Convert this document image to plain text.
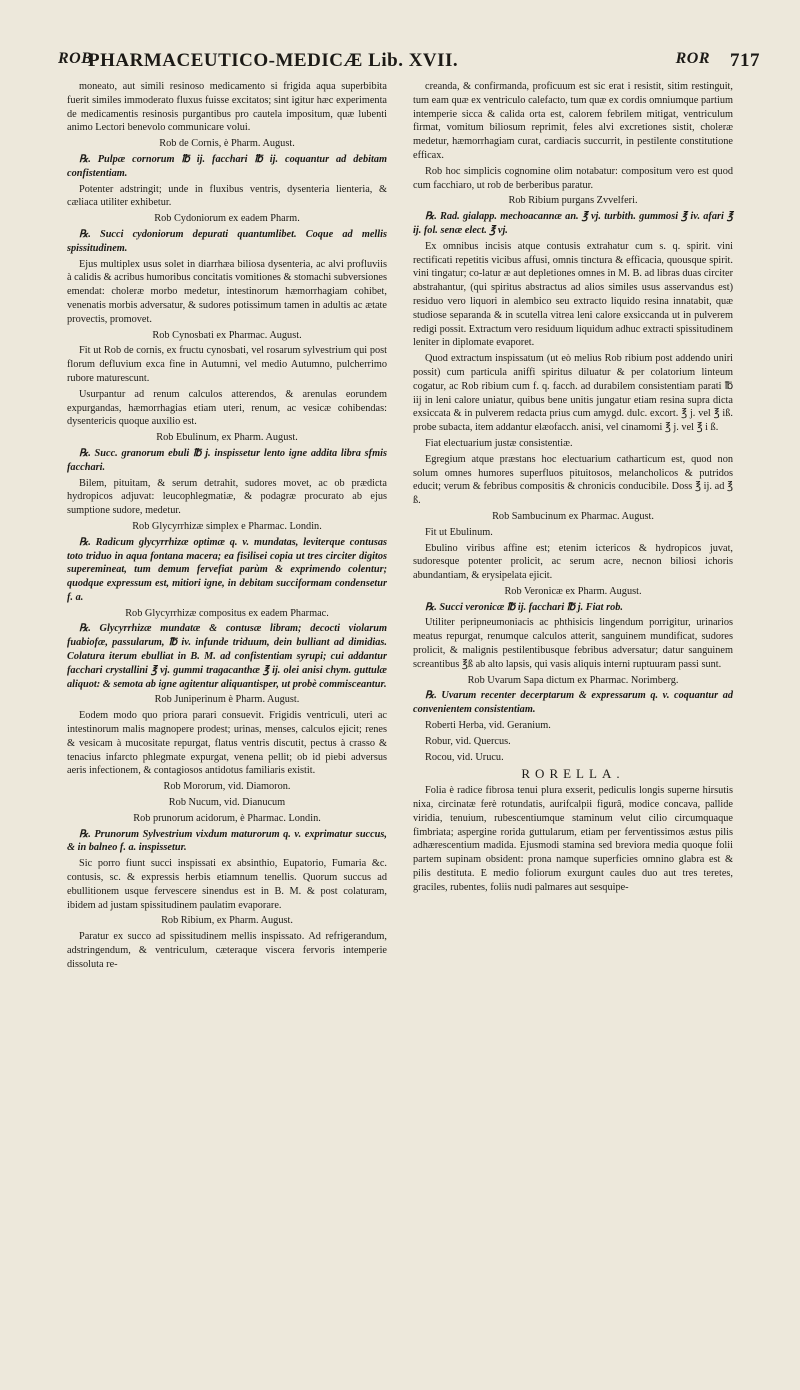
ROB
PHARMACEUTICO-MEDICÆ Lib. XVII.	ROR 717

moneato, aut simili resinoso medicamento si frigida aqua superbibita fuerit similes immoderato fluxus fuisse excitatos; sint igitur hæc experimenta de medicamentis resinosis purgantibus pro cautela impositum, quæ lubenti animo Lectori benevolo communicare volui.

Rob de Cornis, è Pharm. August.

℞. Pulpæ cornorum ℔ ij. facchari ℔ ij. coquantur ad debitam confistentiam.

Potenter adstringit; unde in fluxibus ventris, dysenteria lienteria, & cæliaca utiliter exhibetur.

Rob Cydoniorum ex eadem Pharm.

℞. Succi cydoniorum depurati quantumlibet. Coque ad mellis spissitudinem.

Ejus multiplex usus solet in diarrhæa biliosa dysenteria, ac alvi profluviis à calidis & acribus humoribus concitatis vomitiones & stomachi subversiones emendat: choleræ morbo medetur, intestinorum hæmorrhagiam cohibet, venenatis morbis adversatur, & sudores potissimum tamen in adultis ac ætate provectis, promovet.

Rob Cynosbati ex Pharmac. August.

Fit ut Rob de cornis, ex fructu cynosbati, vel rosarum sylvestrium qui post florum defluvium exca fine in Autumni, vel medio Autumno, pulcherrimo rubore maturescunt.

Usurpantur ad renum calculos atterendos, & arenulas eorundem expurgandas, hæmorrhagias etiam uteri, renum, ac vesicæ cohibendas: dysentericis quoque auxilio est.

Rob Ebulinum, ex Pharm. August.

℞. Succ. granorum ebuli ℔ j. inspissetur lento igne addita libra sfmis facchari.

Bilem, pituitam, & serum detrahit, sudores movet, ac ob prædicta hydropicos adjuvat: leucophlegmatiæ, & podagræ procurato ab ejus sumptione sudore, medetur.

Rob Glycyrrhizæ simplex e Pharmac. Londin.

℞. Radicum glycyrrhizæ optimæ q. v. mundatas, leviterque contusas toto triduo in aqua fontana macera; ea fisilisei copia ut tres circiter digitos superemineat, tum demum fervefiat parùm & exprimendo colentur; quodque expressum est, mitiori igne, in debitam succiformam condensetur f. a.

Rob Glycyrrhizæ compositus ex eadem Pharmac.

℞. Glycyrrhizæ mundatæ & contusæ libram; decocti violarum fuabiofæ, passularum, ℔ iv. infunde triduum, dein bulliant ad dimidias. Colatura iterum ebulliat in B. M. ad confistentiam syrupi; cui addantur facchari crystallini ℥ vj. gummi tragacanthæ ℥ ij. olei anisi chym. guttulæ aliquot: & semota ab igne agitentur aliquantisper, ut probè commisceantur.

Rob Juniperinum è Pharm. August.

Eodem modo quo priora parari consuevit. Frigidis ventriculi, uteri ac intestinorum malis magnopere prodest; urinas, menses, calculos ejicit; renes & vesicam à mucositate repurgat, flatus ventris discutit, pectus à crasso & tenacius infarcto phlegmate expurgat, venena pellit; ob id piebi adversus aeris infectionem, & contagiosos antidotus familiaris existit.

Rob Mororum, vid. Diamoron.

Rob Nucum, vid. Dianucum

Rob prunorum acidorum, è Pharmac. Londin.

℞. Prunorum Sylvestrium vixdum maturorum q. v. exprimatur succus, & in balneo f. a. inspissetur.

Sic porro fiunt succi inspissati ex absinthio, Eupatorio, Fumaria &c. contusis, sc. & expressis herbis etiamnum tenellis. Quorum succus ad ebullitionem usque fervescere sinendus est in B. M. & post colaturam, ibidem ad justam spissitudinem paulatim evaporare.

Rob Ribium, ex Pharm. August.

Paratur ex succo ad spissitudinem mellis inspissato. Ad refrigerandum, adstringendum, & ventriculum, cæteraque viscera fervoris intemperie dissoluta re-

creanda, & confirmanda, proficuum est sic erat i resistit, sitim restinguit, tum eam quæ ex ventriculo calefacto, tum quæ ex cordis omniumque partium intemperie sicca & calida orta est, calorem febrilem mitigat, ventriculum firmat, vomitum biliosum reprimit, feles alvi excretiones sistit, choleræ medetur, hæmorrhagiam curat, cardiacis succurrit, in pestilente constitutione efficax.

Rob hoc simplicis cognomine olim notabatur: compositum vero est quod cum facchiaro, ut rob de berberibus paratur.

Rob Ribium purgans Zvvelferi.

℞. Rad. gialapp. mechoacannæ an. ℥ vj. turbith. gummosi ℥ iv. afari ℥ ij. fol. senæ elect. ℥ vj.

Ex omnibus incisis atque contusis extrahatur cum s. q. spirit. vini rectificati repetitis vicibus affusi, omnis tinctura & efficacia, quousque spirit. vini tingatur; co-latur æ aut depletiones omnes in M. B. ad libras duas circiter abstrahantur, (qui spiritus abstractus ad alios similes usus asservandus est) residuo vero liquori in alembico seu extracto liquido resina innatabit, quæ studiose separanda & in scutella vitrea leni calore exsiccanda ut in pulverem redigi possit. Extractum vero residuum liquidum adhuc extracti spissitudinem leniter in diplomate evaporet.

Quod extractum inspissatum (ut eò melius Rob ribium post addendo uniri possit) cum particula aniffi spiritus diluatur & per colatorium linteum cogatur, ac Rob ribium cum f. q. facch. ad durabilem consistentiam parati ℔ iij in leni calore uniatur, quibus bene unitis jungatur etiam resina supra dicta exsiccata & in pulverem redacta prius cum amygd. dulc. excort. ℥ j. vel ℥ iß. probe subacta, item addantur elæofacch. anisi, vel cinamomi ℥ j. vel ℥ i ß.

Fiat electuarium justæ consistentiæ.

Egregium atque præstans hoc electuarium catharticum est, quod non solum omnes humores superfluos pituitosos, melancholicos & putridos educit; verum & febribus compositis & chronicis conducibile. Doss ℥ ij. ad ℥ ß.

Rob Sambucinum ex Pharmac. August.

Fit ut Ebulinum.

Ebulino viribus affine est; etenim ictericos & hydropicos juvat, sudoresque potenter prolicit, ac serum acre, necnon biliosi ichoris abundantiam, & erysipelata ejicit.

Rob Veronicæ ex Pharm. August.

℞. Succi veronicæ ℔ ij. facchari ℔ j. Fiat rob.

Utiliter peripneumoniacis ac phthisicis lingendum porrigitur, urinarios meatus repurgat, renumque calculos atterit, sanguinem mundificat, sudores prolicit, & malignis pestilentibusque febribus adversatur; datur sanguinem screantibus ℥ß ab alto lapsis, qui vasis aliquis interni ruptuuram passi sunt.

Rob Uvarum Sapa dictum ex Pharmac. Norimberg.

℞. Uvarum recenter decerptarum & expressarum q. v. coquantur ad convenientem consistentiam.

Roberti Herba, vid. Geranium.

Robur, vid. Quercus.

Rocou, vid. Urucu.

RORELLA.

Folia è radice fibrosa tenui plura exserit, pediculis longis superne hirsutis nixa, circinatæ ferè rotundatis, aurifcalpii figurâ, modice concava, pallide viridia, tenuium, rubescentiumque staminum velut cilio circumquaque fimbriata; aspergine rorida guttularum, etiam per ferventissimos æstus pilis adhærescentium madida. Ejusmodi stamina sed breviora media quoque folii partem supinam obsident: prona namque superficies omnino glabra est & pilis destituta. E medio foliorum exurgunt caules duo aut tres teretes, graciles, rubentes, foliis nudi palmares aut sesquipe-
